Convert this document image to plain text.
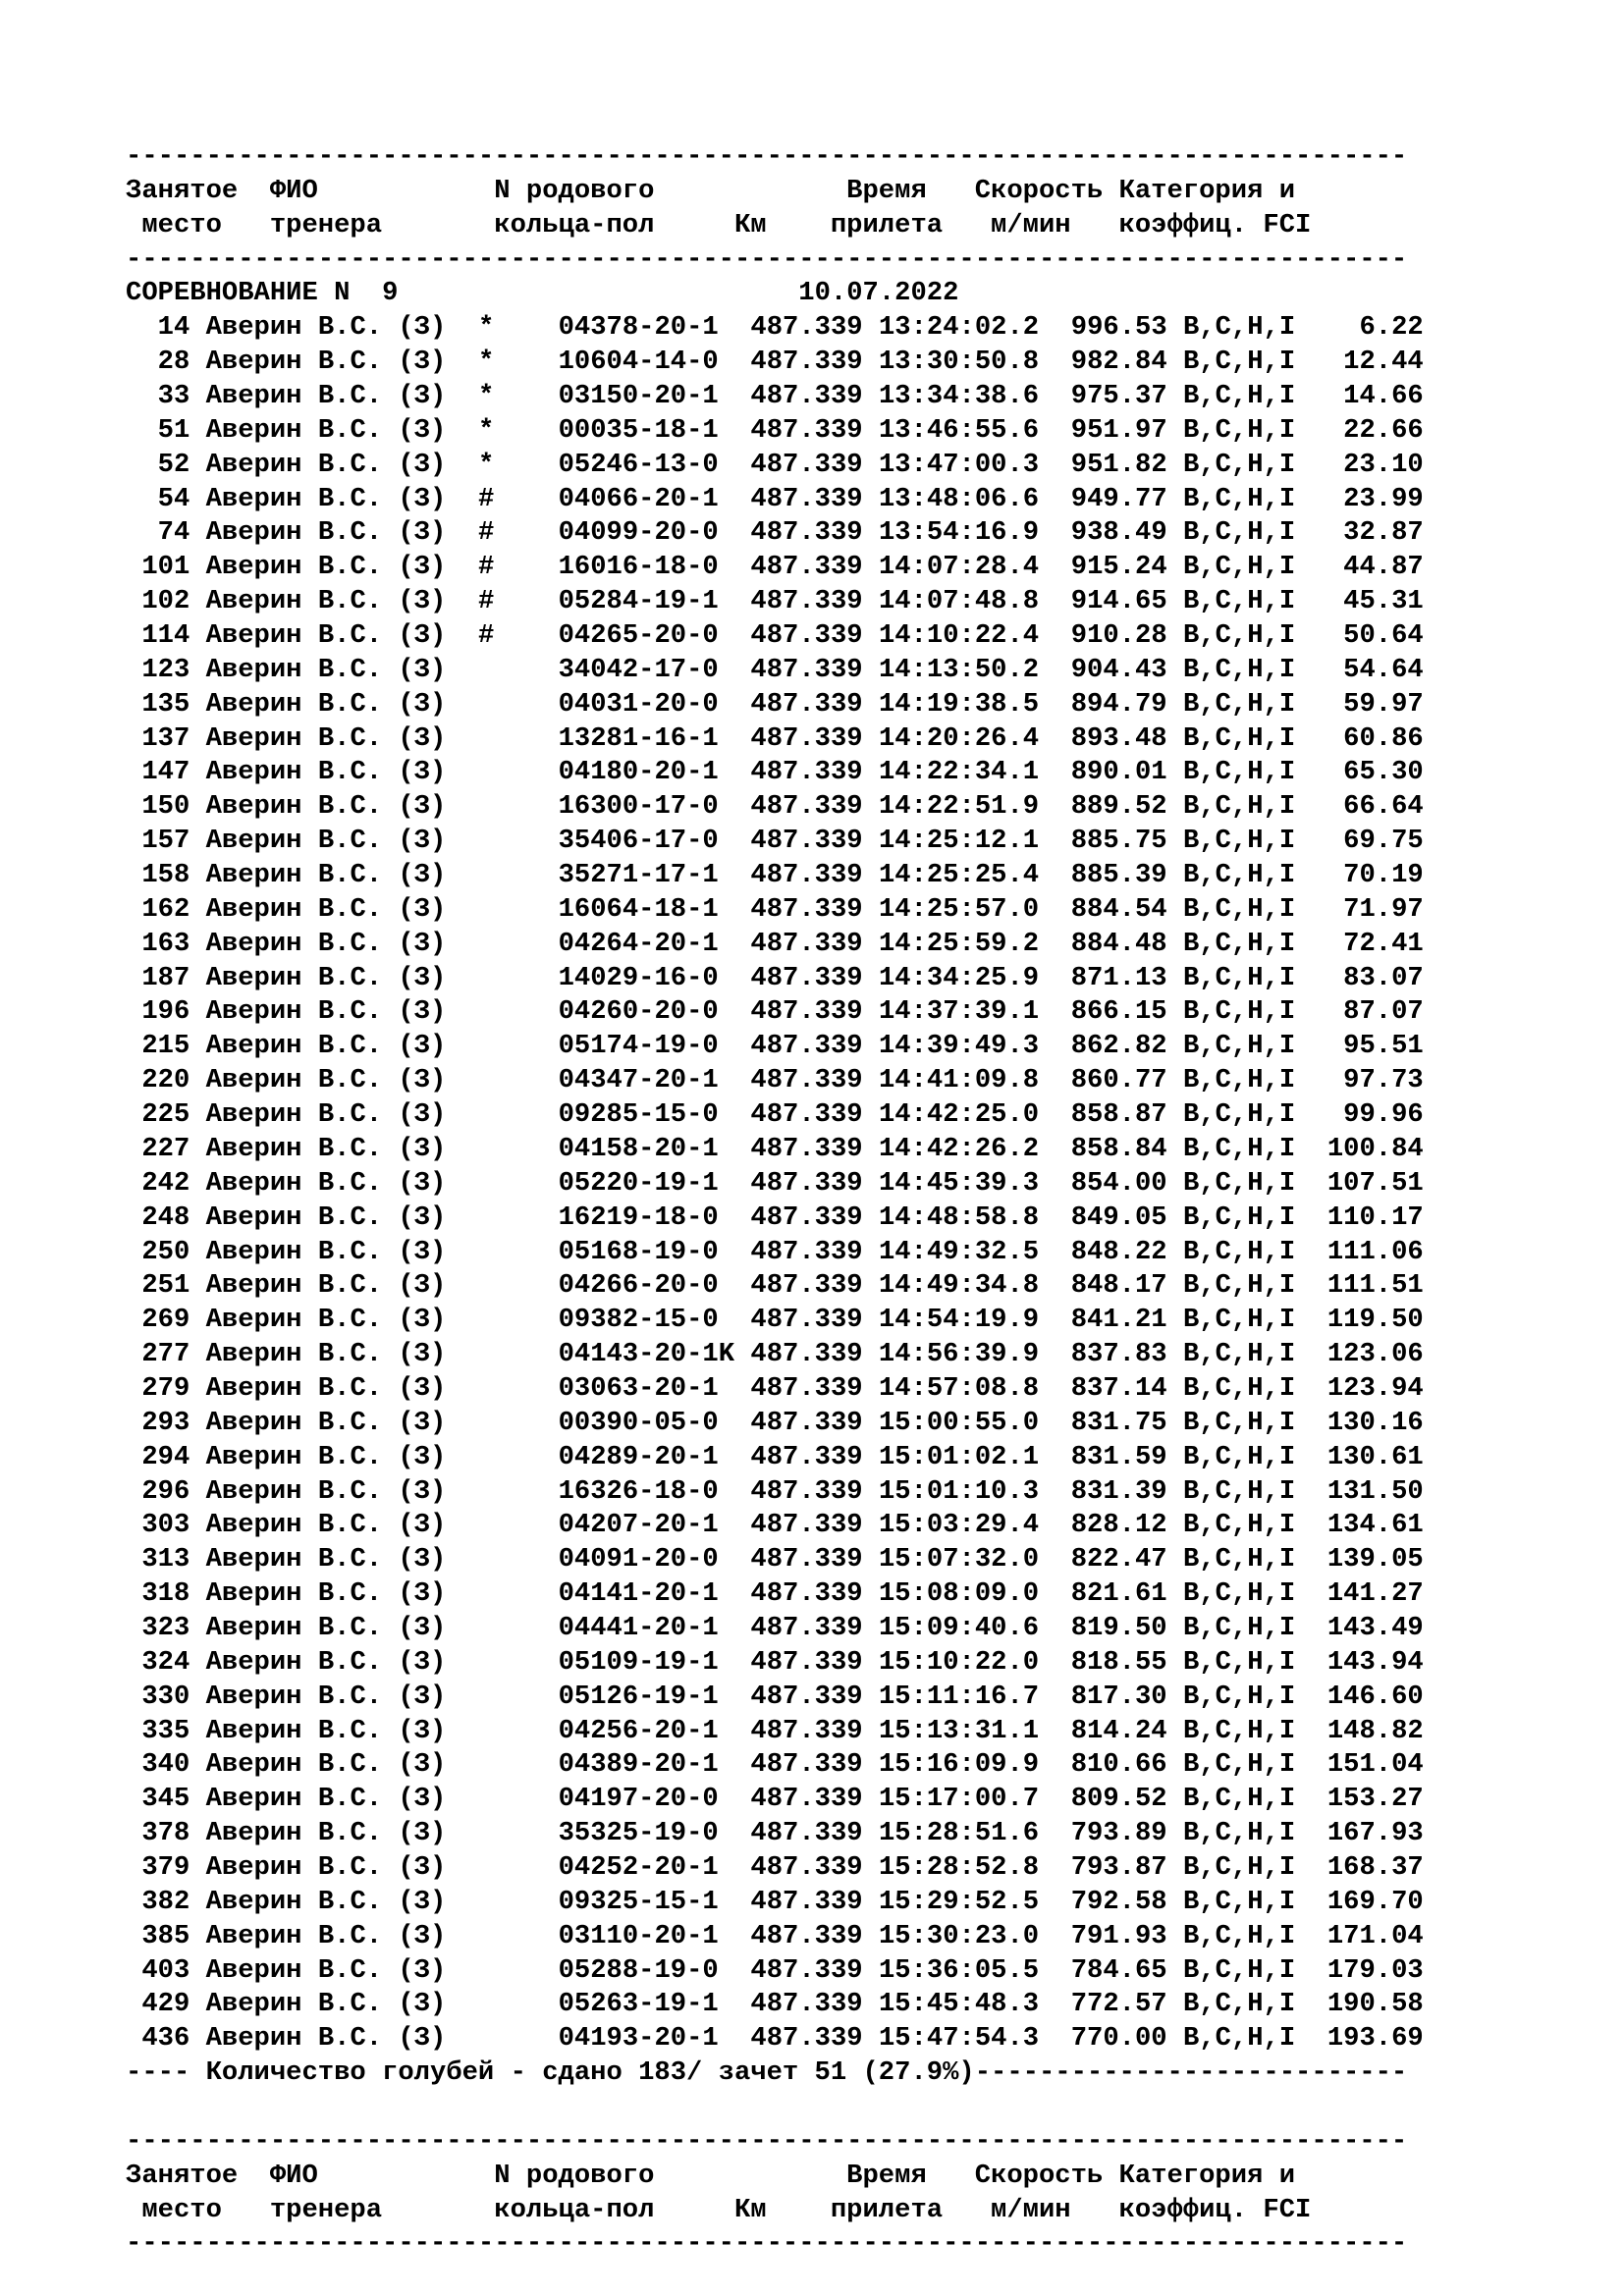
--------------------------------------------------------------------------------
Занятое  ФИО           N родового            Время   Скорость Категория и
место   тренера       кольца-пол     Км    прилета   м/мин   коэффиц. FCI
--------------------------------------------------------------------------------
СОРЕВНОВАНИЕ N 9	10.07.2022
14 Аверин В.С. (З) * 04378-20-1 487.339 13:24:02.2 996.53 B,C,H,I 6.22
28 Аверин В.С. (З) * 10604-14-0 487.339 13:30:50.8 982.84 B,C,H,I 12.44
33 Аверин В.С. (З) * 03150-20-1 487.339 13:34:38.6 975.37 B,C,H,I 14.66
51 Аверин В.С. (З) * 00035-18-1 487.339 13:46:55.6 951.97 B,C,H,I 22.66
52 Аверин В.С. (З) * 05246-13-0 487.339 13:47:00.3 951.82 B,C,H,I 23.10
54 Аверин В.С. (З) # 04066-20-1 487.339 13:48:06.6 949.77 B,C,H,I 23.99
74 Аверин В.С. (З) # 04099-20-0 487.339 13:54:16.9 938.49 B,C,H,I 32.87
101 Аверин В.С. (З) # 16016-18-0 487.339 14:07:28.4 915.24 B,C,H,I 44.87
102 Аверин В.С. (З) # 05284-19-1 487.339 14:07:48.8 914.65 B,C,H,I 45.31
114 Аверин В.С. (З) # 04265-20-0 487.339 14:10:22.4 910.28 B,C,H,I 50.64
123 Аверин В.С. (З)	34042-17-0 487.339 14:13:50.2 904.43 B,C,H,I 54.64
135 Аверин В.С. (З)	04031-20-0 487.339 14:19:38.5 894.79 B,C,H,I 59.97
137 Аверин В.С. (З)	13281-16-1 487.339 14:20:26.4 893.48 B,C,H,I 60.86
147 Аверин В.С. (З)	04180-20-1 487.339 14:22:34.1 890.01 B,C,H,I 65.30
150 Аверин В.С. (З)	16300-17-0 487.339 14:22:51.9 889.52 B,C,H,I 66.64
157 Аверин В.С. (З)	35406-17-0 487.339 14:25:12.1 885.75 B,C,H,I 69.75
158 Аверин В.С. (З)	35271-17-1 487.339 14:25:25.4 885.39 B,C,H,I 70.19
162 Аверин В.С. (З)	16064-18-1 487.339 14:25:57.0 884.54 B,C,H,I 71.97
163 Аверин В.С. (З)	04264-20-1 487.339 14:25:59.2 884.48 B,C,H,I 72.41
187 Аверин В.С. (З)	14029-16-0 487.339 14:34:25.9 871.13 B,C,H,I 83.07
196 Аверин В.С. (З)	04260-20-0 487.339 14:37:39.1 866.15 B,C,H,I 87.07
215 Аверин В.С. (З)	05174-19-0 487.339 14:39:49.3 862.82 B,C,H,I 95.51
220 Аверин В.С. (З)	04347-20-1 487.339 14:41:09.8 860.77 B,C,H,I 97.73
225 Аверин В.С. (З)	09285-15-0 487.339 14:42:25.0 858.87 B,C,H,I 99.96
227 Аверин В.С. (З)	04158-20-1 487.339 14:42:26.2 858.84 B,C,H,I 100.84
242 Аверин В.С. (З)	05220-19-1 487.339 14:45:39.3 854.00 B,C,H,I 107.51
248 Аверин В.С. (З)	16219-18-0 487.339 14:48:58.8 849.05 B,C,H,I 110.17
250 Аверин В.С. (З)	05168-19-0 487.339 14:49:32.5 848.22 B,C,H,I 111.06
251 Аверин В.С. (З)	04266-20-0 487.339 14:49:34.8 848.17 B,C,H,I 111.51
269 Аверин В.С. (З)	09382-15-0 487.339 14:54:19.9 841.21 B,C,H,I 119.50
277 Аверин В.С. (З)	04143-20-1K 487.339 14:56:39.9 837.83 B,C,H,I 123.06
279 Аверин В.С. (З)	03063-20-1 487.339 14:57:08.8 837.14 B,C,H,I 123.94
293 Аверин В.С. (З)	00390-05-0 487.339 15:00:55.0 831.75 B,C,H,I 130.16
294 Аверин В.С. (З)	04289-20-1 487.339 15:01:02.1 831.59 B,C,H,I 130.61
296 Аверин В.С. (З)	16326-18-0 487.339 15:01:10.3 831.39 B,C,H,I 131.50
303 Аверин В.С. (З)	04207-20-1 487.339 15:03:29.4 828.12 B,C,H,I 134.61
313 Аверин В.С. (З)	04091-20-0 487.339 15:07:32.0 822.47 B,C,H,I 139.05
318 Аверин В.С. (З)	04141-20-1 487.339 15:08:09.0 821.61 B,C,H,I 141.27
323 Аверин В.С. (З)	04441-20-1 487.339 15:09:40.6 819.50 B,C,H,I 143.49
324 Аверин В.С. (З)	05109-19-1 487.339 15:10:22.0 818.55 B,C,H,I 143.94
330 Аверин В.С. (З)	05126-19-1 487.339 15:11:16.7 817.30 B,C,H,I 146.60
335 Аверин В.С. (З)	04256-20-1 487.339 15:13:31.1 814.24 B,C,H,I 148.82
340 Аверин В.С. (З)	04389-20-1 487.339 15:16:09.9 810.66 B,C,H,I 151.04
345 Аверин В.С. (З)	04197-20-0 487.339 15:17:00.7 809.52 B,C,H,I 153.27
378 Аверин В.С. (З)	35325-19-0 487.339 15:28:51.6 793.89 B,C,H,I 167.93
379 Аверин В.С. (З)	04252-20-1 487.339 15:28:52.8 793.87 B,C,H,I 168.37
382 Аверин В.С. (З)	09325-15-1 487.339 15:29:52.5 792.58 B,C,H,I 169.70
385 Аверин В.С. (З)	03110-20-1 487.339 15:30:23.0 791.93 B,C,H,I 171.04
403 Аверин В.С. (З)	05288-19-0 487.339 15:36:05.5 784.65 B,C,H,I 179.03
429 Аверин В.С. (З)	05263-19-1 487.339 15:45:48.3 772.57 B,C,H,I 190.58
436 Аверин В.С. (З)	04193-20-1 487.339 15:47:54.3 770.00 B,C,H,I 193.69
---- Количество голубей - сдано 183/ зачет 51 (27.9%)---------------------------

--------------------------------------------------------------------------------
Занятое  ФИО           N родового            Время   Скорость Категория и
место   тренера       кольца-пол     Км    прилета   м/мин   коэффиц. FCI
--------------------------------------------------------------------------------
